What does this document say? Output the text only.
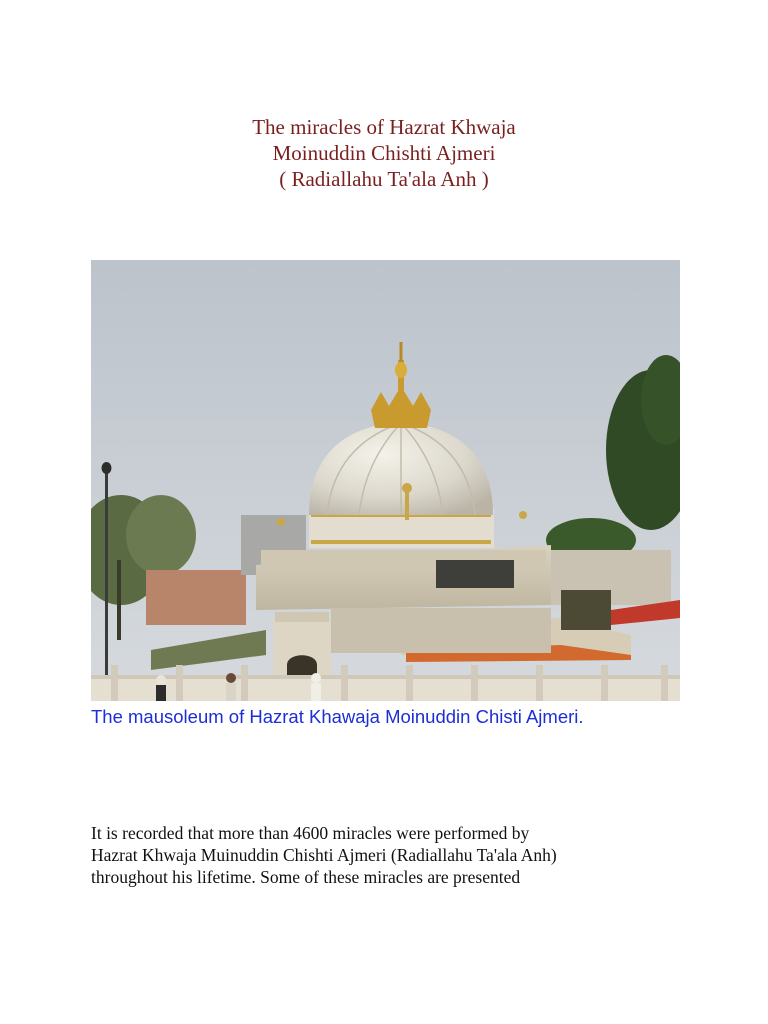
The miracles of Hazrat Khwaja
Moinuddin Chishti Ajmeri
( Radiallahu Ta'ala Anh )
The mausoleum of Hazrat Khawaja Moinuddin Chisti Ajmeri.
It is recorded that more than 4600 miracles were performed by
Hazrat Khwaja Muinuddin Chishti Ajmeri (Radiallahu Ta'ala Anh)
throughout his lifetime. Some of these miracles are presented
